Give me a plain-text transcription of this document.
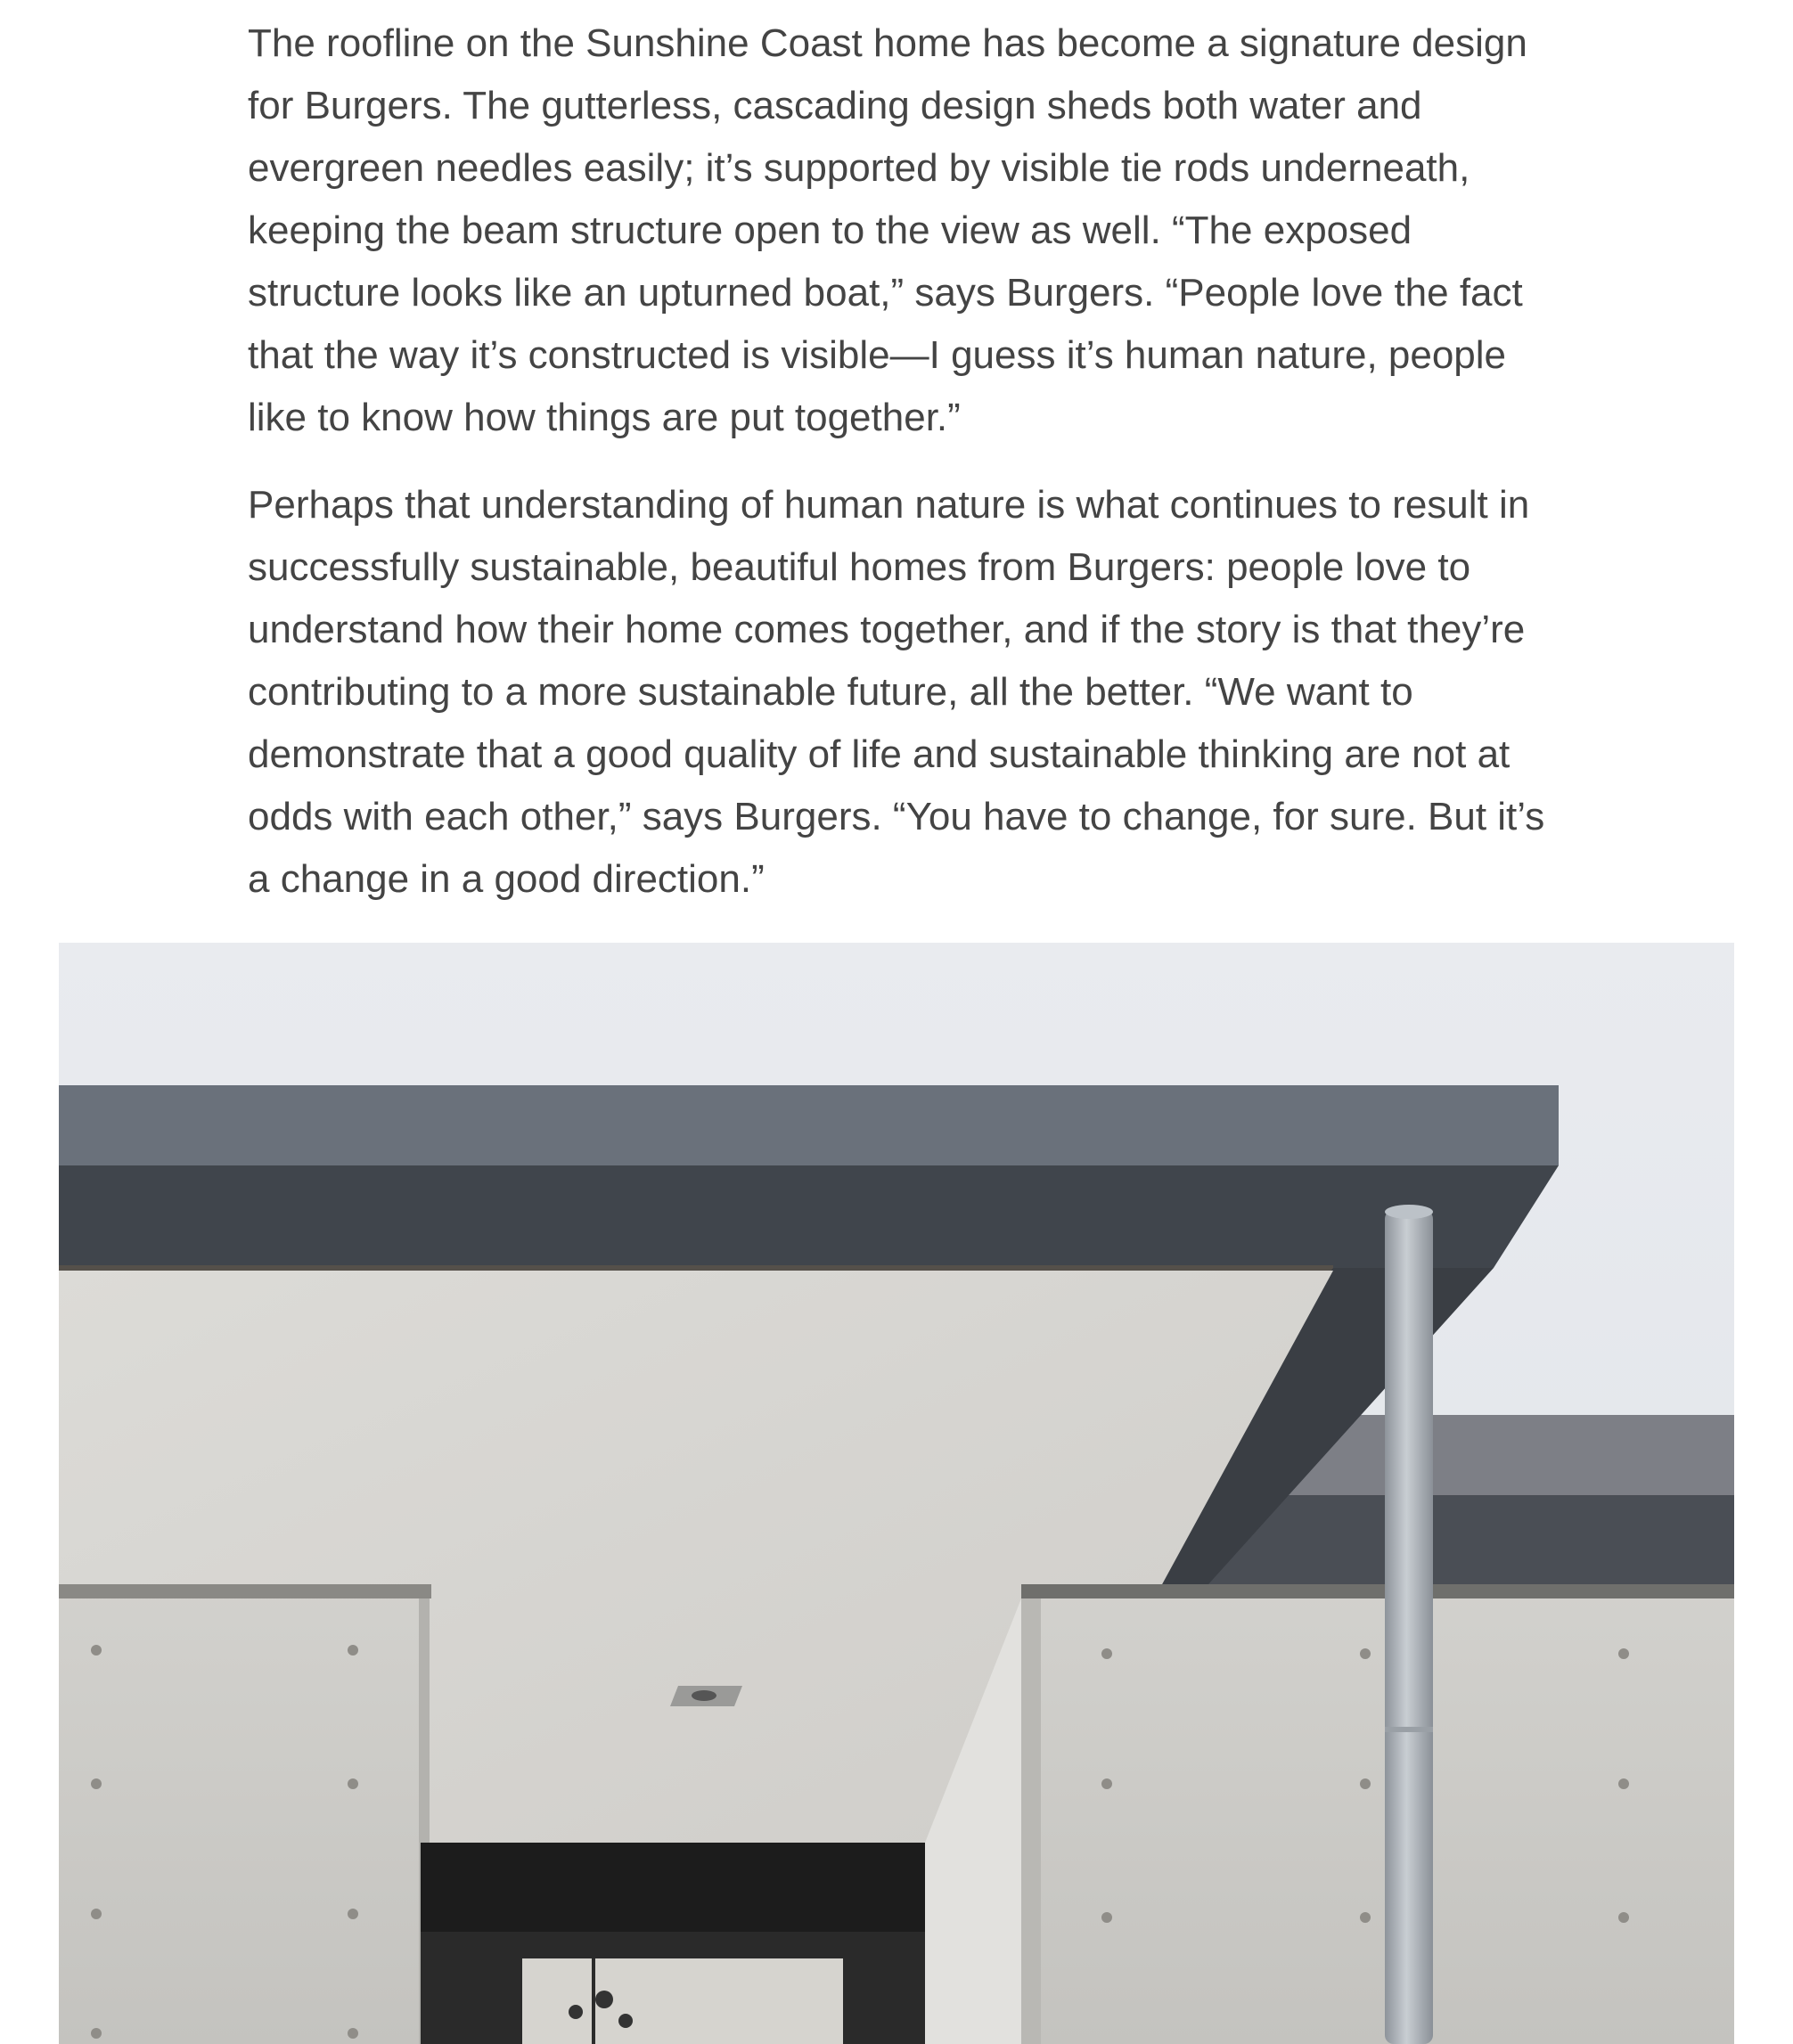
The roofline on the Sunshine Coast home has become a signature design for Burgers. The gutterless, cascading design sheds both water and evergreen needles easily; it’s supported by visible tie rods underneath, keeping the beam structure open to the view as well. “The exposed structure looks like an upturned boat,” says Burgers. “People love the fact that the way it’s constructed is visible—I guess it’s human nature, people like to know how things are put together.”

Perhaps that understanding of human nature is what continues to result in successfully sustainable, beautiful homes from Burgers: people love to understand how their home comes together, and if the story is that they’re contributing to a more sustainable future, all the better. “We want to demonstrate that a good quality of life and sustainable thinking are not at odds with each other,” says Burgers. “You have to change, for sure. But it’s a change in a good direction.”
